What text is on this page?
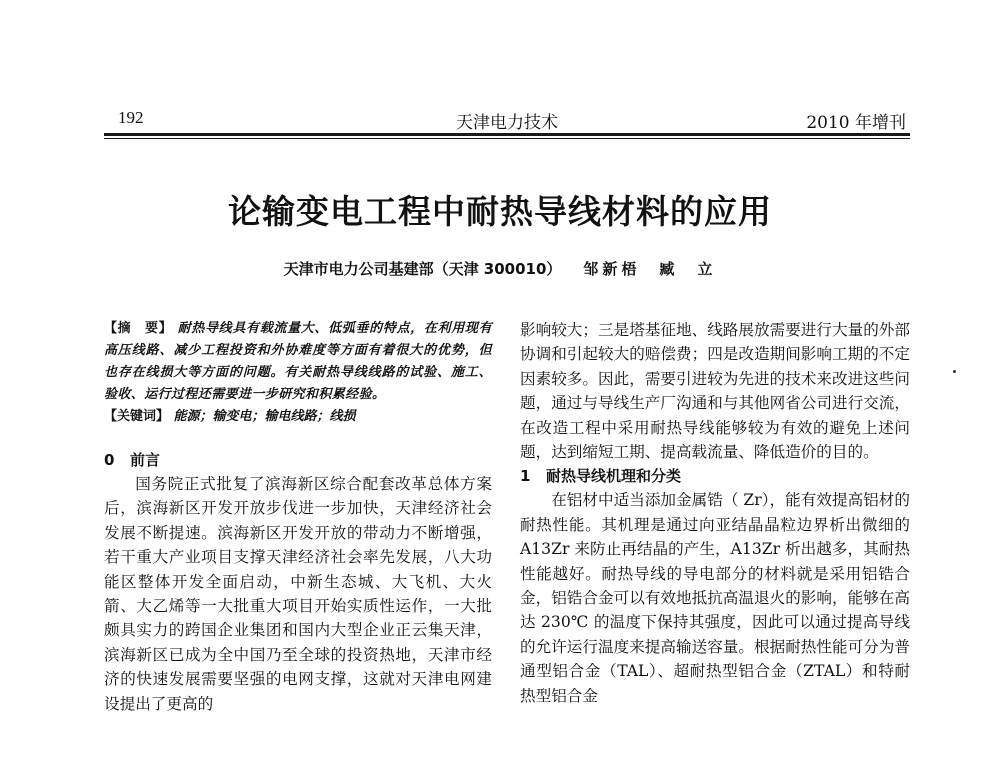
192	天津电力技术	2010 年增刊
论输变电工程中耐热导线材料的应用
天津市电力公司基建部（天津 300010） 邹新梧　臧　立
【摘　要】 耐热导线具有载流量大、低弧垂的特点，在利用现有高压线路、减少工程投资和外协难度等方面有着很大的优势，但也存在线损大等方面的问题。有关耐热导线线路的试验、施工、验收、运行过程还需要进一步研究和积累经验。
【关键词】 能源；输变电；输电线路；线损
0 前言

国务院正式批复了滨海新区综合配套改革总体方案后，滨海新区开发开放步伐进一步加快，天津经济社会发展不断提速。滨海新区开发开放的带动力不断增强，若干重大产业项目支撑天津经济社会率先发展，八大功能区整体开发全面启动，中新生态城、大飞机、大火箭、大乙烯等一大批重大项目开始实质性运作，一大批颇具实力的跨国企业集团和国内大型企业正云集天津，滨海新区已成为全中国乃至全球的投资热地，天津市经济的快速发展需要坚强的电网支撑，这就对天津电网建设提出了更高的

影响较大；三是塔基征地、线路展放需要进行大量的外部协调和引起较大的赔偿费；四是改造期间影响工期的不定因素较多。因此，需要引进较为先进的技术来改进这些问题，通过与导线生产厂沟通和与其他网省公司进行交流，在改造工程中采用耐热导线能够较为有效的避免上述问题，达到缩短工期、提高载流量、降低造价的目的。

1 耐热导线机理和分类

在铝材中适当添加金属锆（ Zr），能有效提高铝材的耐热性能。其机理是通过向亚结晶晶粒边界析出微细的 A13Zr 来防止再结晶的产生，A13Zr 析出越多，其耐热性能越好。耐热导线的导电部分的材料就是采用铝锆合金，铝锆合金可以有效地抵抗高温退火的影响，能够在高达 230℃ 的温度下保持其强度，因此可以通过提高导线的允许运行温度来提高输送容量。根据耐热性能可分为普通型铝合金（TAL）、超耐热型铝合金（ZTAL）和特耐热型铝合金
